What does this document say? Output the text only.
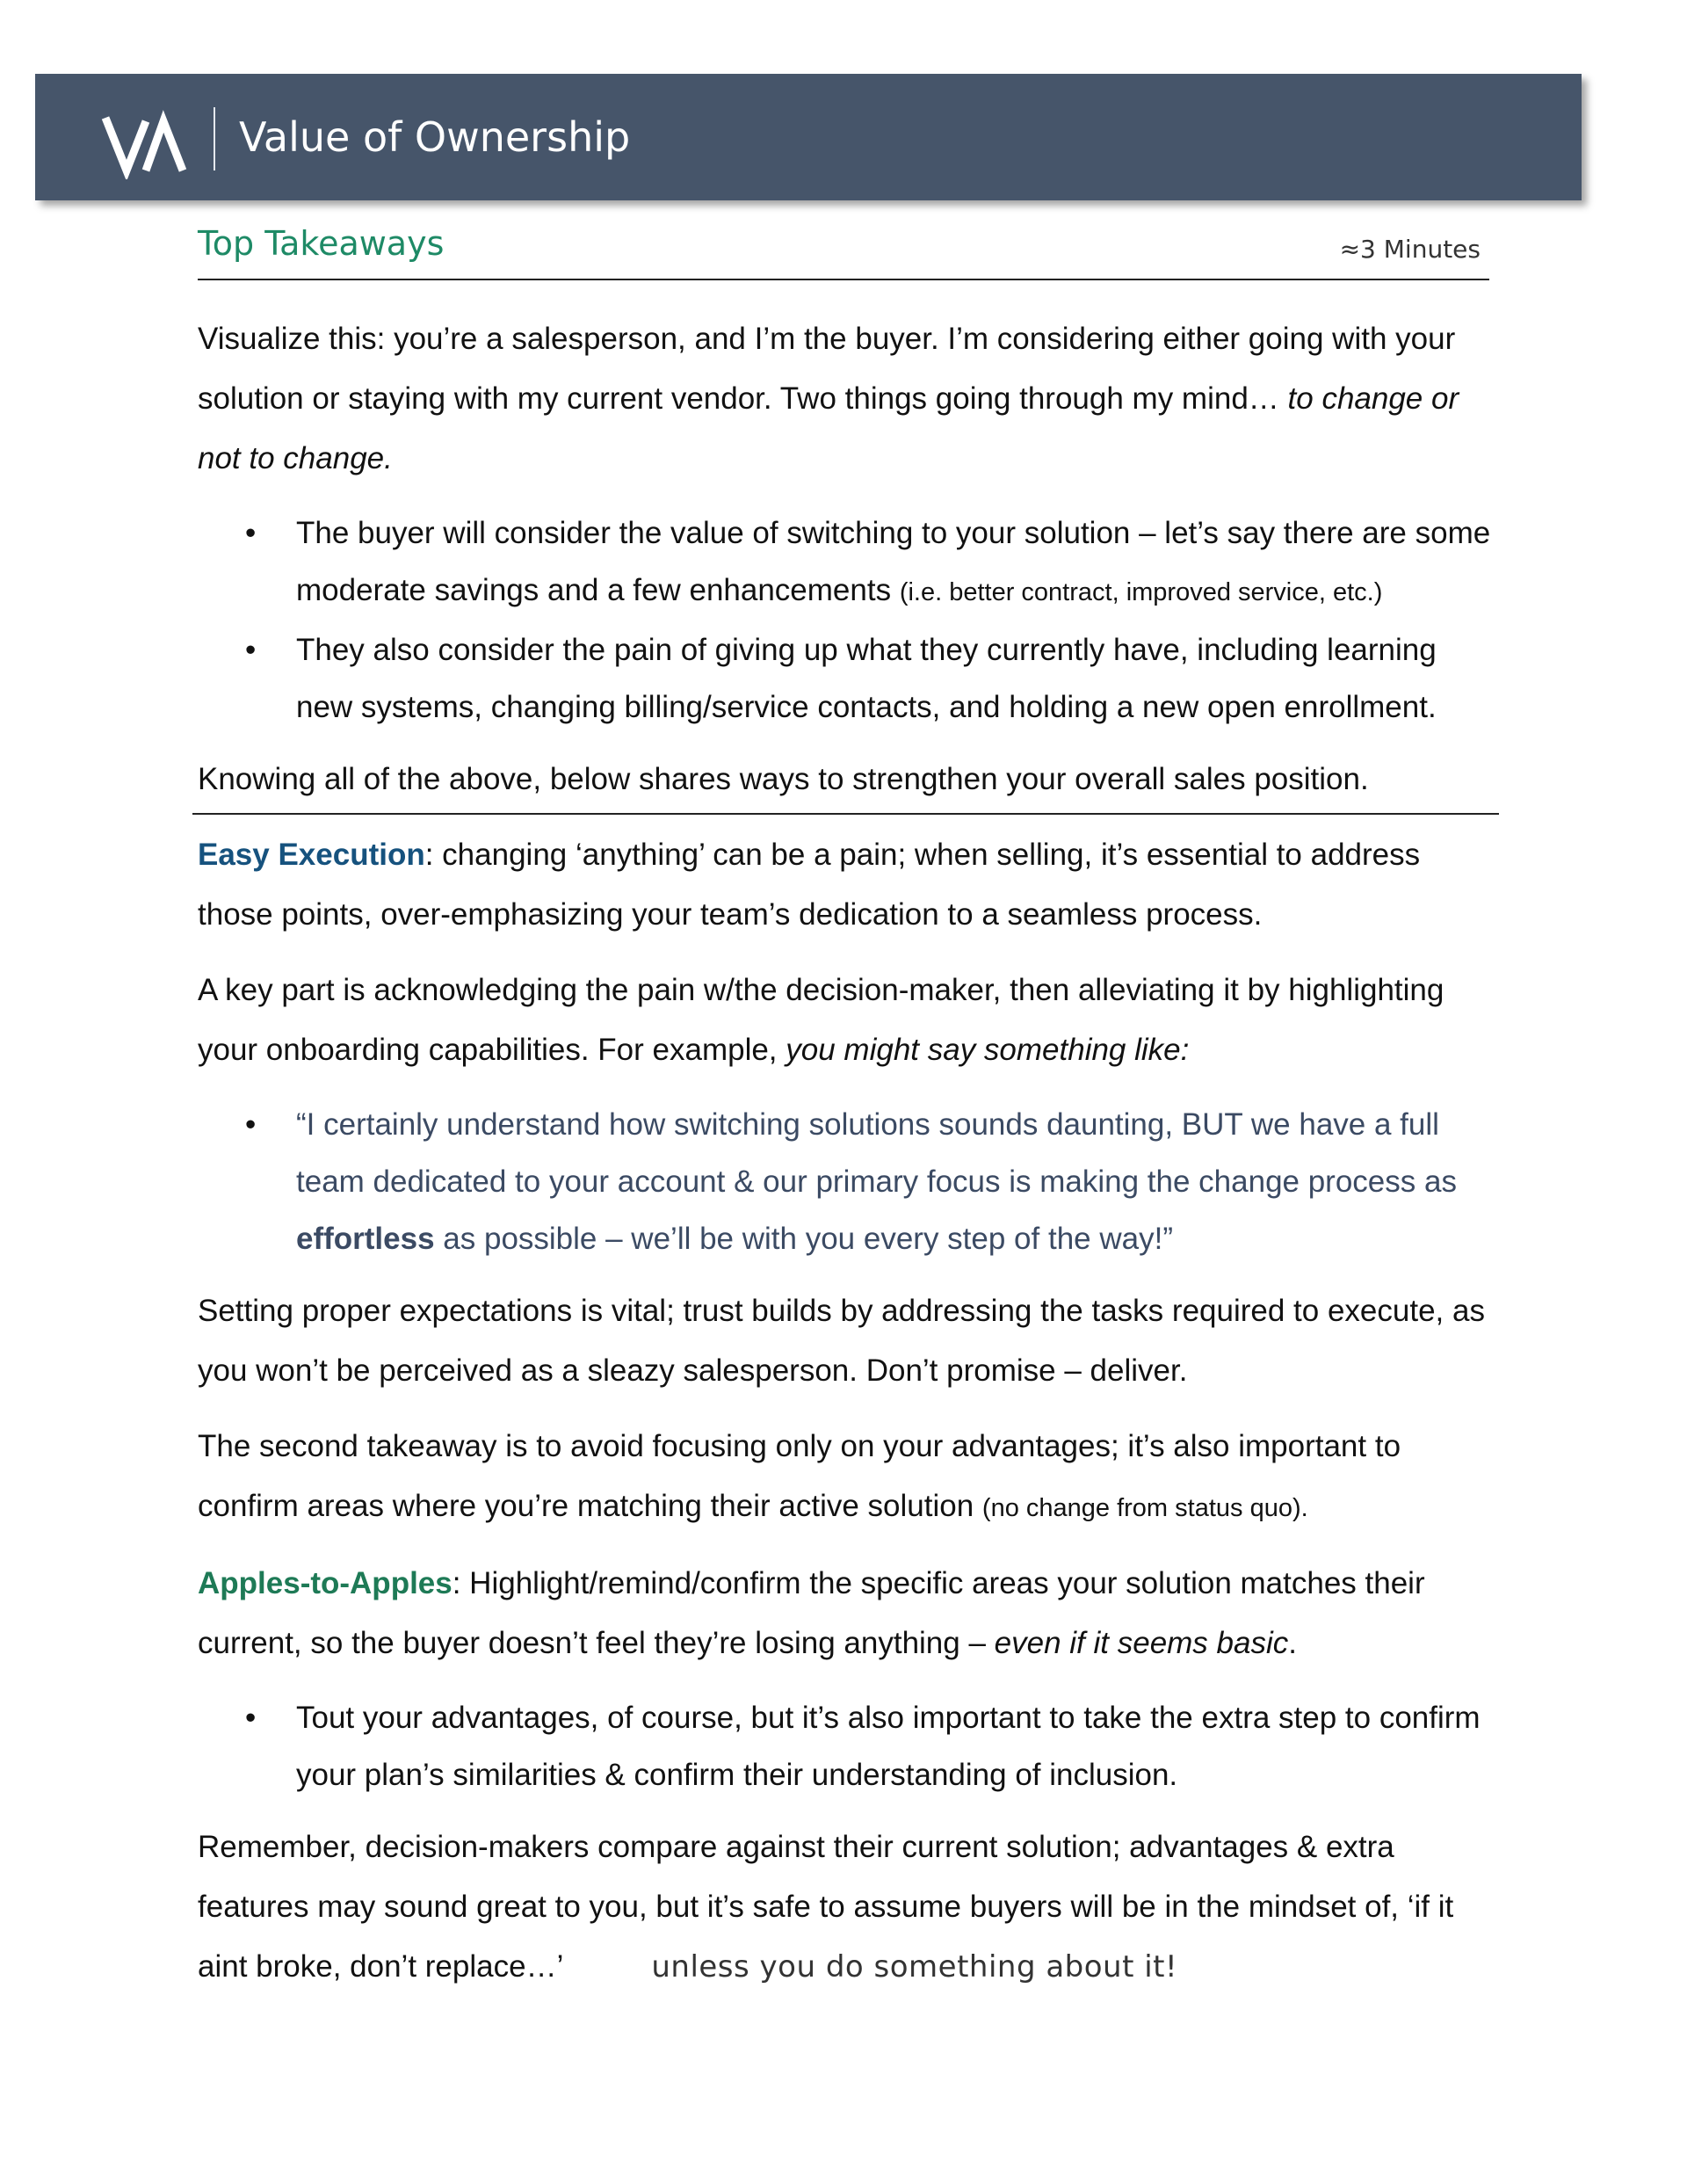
Value of Ownership
Top Takeaways	≈3 Minutes

Visualize this: you’re a salesperson, and I’m the buyer. I’m considering either going with your solution or staying with my current vendor. Two things going through my mind… to change or not to change.

• The buyer will consider the value of switching to your solution – let’s say there are some moderate savings and a few enhancements (i.e. better contract, improved service, etc.)
• They also consider the pain of giving up what they currently have, including learning new systems, changing billing/service contacts, and holding a new open enrollment.

Knowing all of the above, below shares ways to strengthen your overall sales position.

Easy Execution: changing ‘anything’ can be a pain; when selling, it’s essential to address those points, over-emphasizing your team’s dedication to a seamless process.

A key part is acknowledging the pain w/the decision-maker, then alleviating it by highlighting your onboarding capabilities. For example, you might say something like:

• “I certainly understand how switching solutions sounds daunting, BUT we have a full team dedicated to your account & our primary focus is making the change process as effortless as possible – we’ll be with you every step of the way!”

Setting proper expectations is vital; trust builds by addressing the tasks required to execute, as you won’t be perceived as a sleazy salesperson. Don’t promise – deliver.

The second takeaway is to avoid focusing only on your advantages; it’s also important to confirm areas where you’re matching their active solution (no change from status quo).

Apples-to-Apples: Highlight/remind/confirm the specific areas your solution matches their current, so the buyer doesn’t feel they’re losing anything – even if it seems basic.

• Tout your advantages, of course, but it’s also important to take the extra step to confirm your plan’s similarities & confirm their understanding of inclusion.

Remember, decision-makers compare against their current solution; advantages & extra features may sound great to you, but it’s safe to assume buyers will be in the mindset of, ‘if it aint broke, don’t replace…’	unless you do something about it!
